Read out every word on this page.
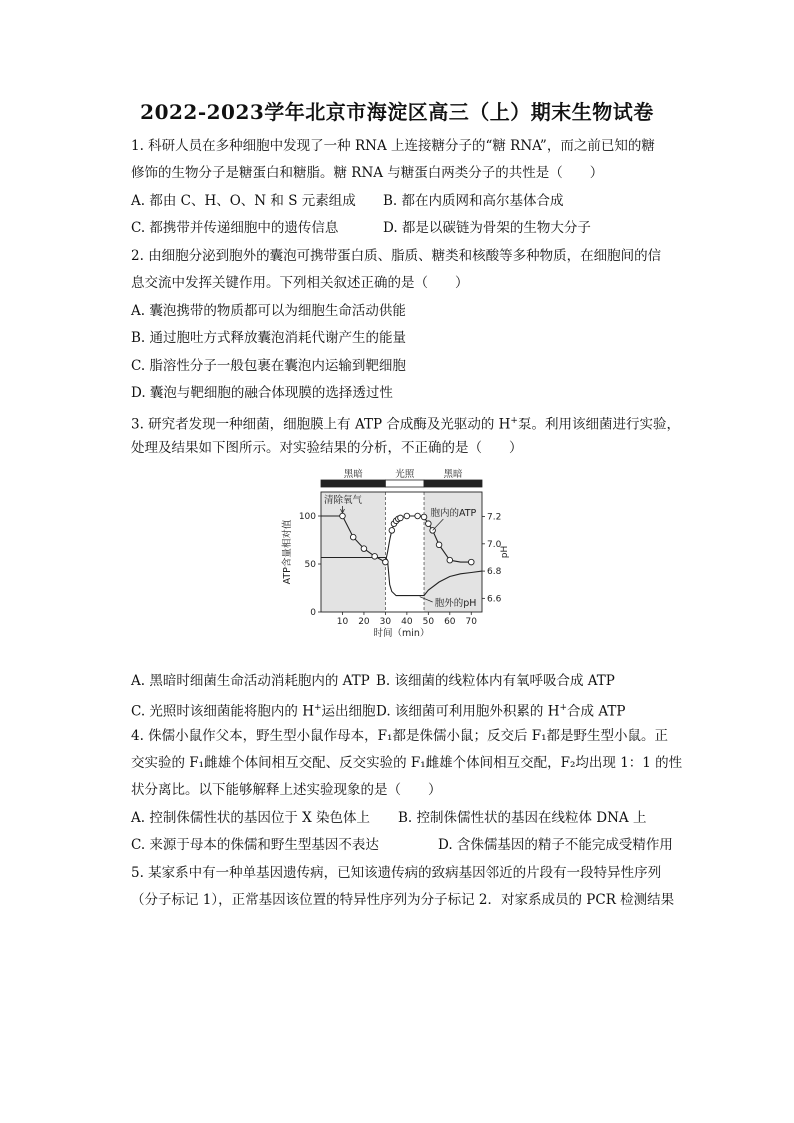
2022-2023学年北京市海淀区高三（上）期末生物试卷
1. 科研人员在多种细胞中发现了一种 RNA 上连接糖分子的“糖 RNA”，而之前已知的糖
修饰的生物分子是糖蛋白和糖脂。糖 RNA 与糖蛋白两类分子的共性是（　　）
A. 都由 C、H、O、N 和 S 元素组成 B. 都在内质网和高尔基体合成
C. 都携带并传递细胞中的遗传信息	D. 都是以碳链为骨架的生物大分子
2. 由细胞分泌到胞外的囊泡可携带蛋白质、脂质、糖类和核酸等多种物质，在细胞间的信
息交流中发挥关键作用。下列相关叙述正确的是（　　）
A. 囊泡携带的物质都可以为细胞生命活动供能
B. 通过胞吐方式释放囊泡消耗代谢产生的能量
C. 脂溶性分子一般包裹在囊泡内运输到靶细胞
D. 囊泡与靶细胞的融合体现膜的选择透过性
3. 研究者发现一种细菌，细胞膜上有 ATP 合成酶及光驱动的 H+泵。利用该细菌进行实验，
处理及结果如下图所示。对实验结果的分析，不正确的是（　　）
黑暗	光照	黑暗
10 20 30 40 50 60 70
时间（min）
0
50
100
ATP含量相对值
6.6
6.8
7.0
7.2
pH
清除氧气
胞内的ATP
胞外的pH
A. 黑暗时细菌生命活动消耗胞内的 ATP B. 该细菌的线粒体内有氧呼吸合成 ATP
C. 光照时该细菌能将胞内的 H+运出细胞 D. 该细菌可利用胞外积累的 H+合成 ATP
4. 侏儒小鼠作父本，野生型小鼠作母本，F₁都是侏儒小鼠；反交后 F₁都是野生型小鼠。正
交实验的 F₁雌雄个体间相互交配、反交实验的 F₁雌雄个体间相互交配，F₂均出现 1：1 的性
状分离比。以下能够解释上述实验现象的是（　　）
A. 控制侏儒性状的基因位于 X 染色体上 B. 控制侏儒性状的基因在线粒体 DNA 上
C. 来源于母本的侏儒和野生型基因不表达	D. 含侏儒基因的精子不能完成受精作用
5. 某家系中有一种单基因遗传病，已知该遗传病的致病基因邻近的片段有一段特异性序列
（分子标记 1），正常基因该位置的特异性序列为分子标记 2．对家系成员的 PCR 检测结果
